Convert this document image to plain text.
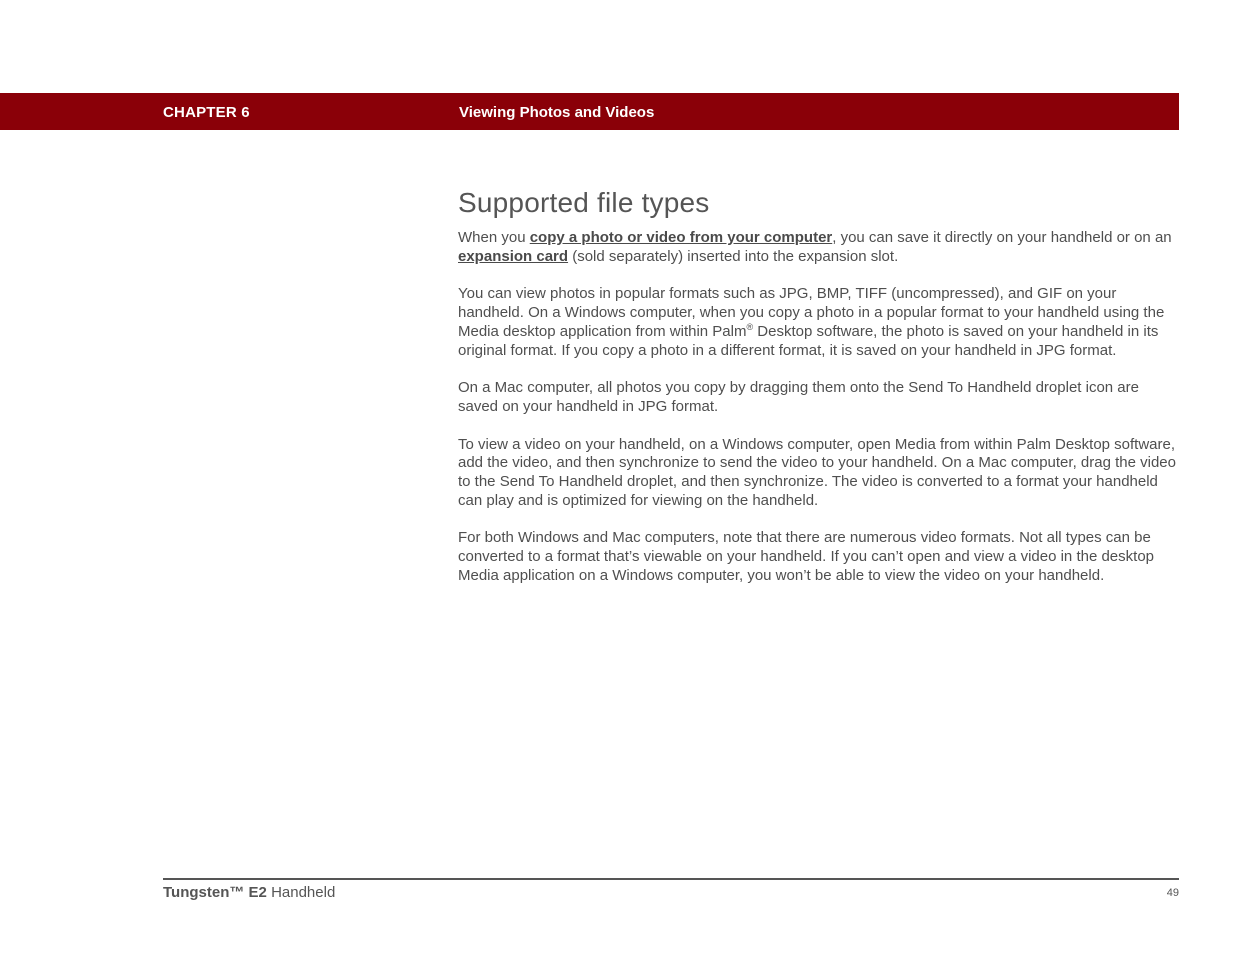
CHAPTER 6	Viewing Photos and Videos
Supported file types

When you copy a photo or video from your computer, you can save it directly on your handheld or on an expansion card (sold separately) inserted into the expansion slot.

You can view photos in popular formats such as JPG, BMP, TIFF (uncompressed), and GIF on your handheld. On a Windows computer, when you copy a photo in a popular format to your handheld using the Media desktop application from within Palm® Desktop software, the photo is saved on your handheld in its original format. If you copy a photo in a different format, it is saved on your handheld in JPG format.

On a Mac computer, all photos you copy by dragging them onto the Send To Handheld droplet icon are saved on your handheld in JPG format.

To view a video on your handheld, on a Windows computer, open Media from within Palm Desktop software, add the video, and then synchronize to send the video to your handheld. On a Mac computer, drag the video to the Send To Handheld droplet, and then synchronize. The video is converted to a format your handheld can play and is optimized for viewing on the handheld.

For both Windows and Mac computers, note that there are numerous video formats. Not all types can be converted to a format that’s viewable on your handheld. If you can’t open and view a video in the desktop Media application on a Windows computer, you won’t be able to view the video on your handheld.

Tungsten™ E2 Handheld	49
